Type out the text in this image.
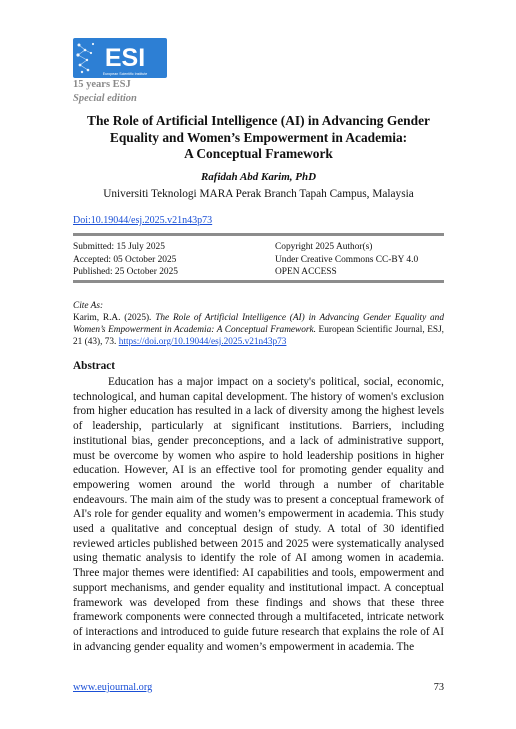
ESI
European Scientific Institute
15 years ESJ
Special edition
The Role of Artificial Intelligence (AI) in Advancing Gender
Equality and Women’s Empowerment in Academia:
A Conceptual Framework
Rafidah Abd Karim, PhD
Universiti Teknologi MARA Perak Branch Tapah Campus, Malaysia
Doi:10.19044/esj.2025.v21n43p73
Submitted: 15 July 2025
Accepted: 05 October 2025
Published: 25 October 2025
Copyright 2025 Author(s)
Under Creative Commons CC-BY 4.0
OPEN ACCESS
Cite As:

Karim, R.A. (2025). The Role of Artificial Intelligence (AI) in Advancing Gender Equality and Women’s Empowerment in Academia: A Conceptual Framework. European Scientific Journal, ESJ, 21 (43), 73. https://doi.org/10.19044/esj.2025.v21n43p73

Abstract

Education has a major impact on a society's political, social, economic, technological, and human capital development. The history of women's exclusion from higher education has resulted in a lack of diversity among the highest levels of leadership, particularly at significant institutions. Barriers, including institutional bias, gender preconceptions, and a lack of administrative support, must be overcome by women who aspire to hold leadership positions in higher education. However, AI is an effective tool for promoting gender equality and empowering women around the world through a number of charitable endeavours. The main aim of the study was to present a conceptual framework of AI's role for gender equality and women’s empowerment in academia. This study used a qualitative and conceptual design of study. A total of 30 identified reviewed articles published between 2015 and 2025 were systematically analysed using thematic analysis to identify the role of AI among women in academia. Three major themes were identified: AI capabilities and tools, empowerment and support mechanisms, and gender equality and institutional impact. A conceptual framework was developed from these findings and shows that these three framework components were connected through a multifaceted, intricate network of interactions and introduced to guide future research that explains the role of AI in advancing gender equality and women’s empowerment in academia. The

www.eujournal.org	73
